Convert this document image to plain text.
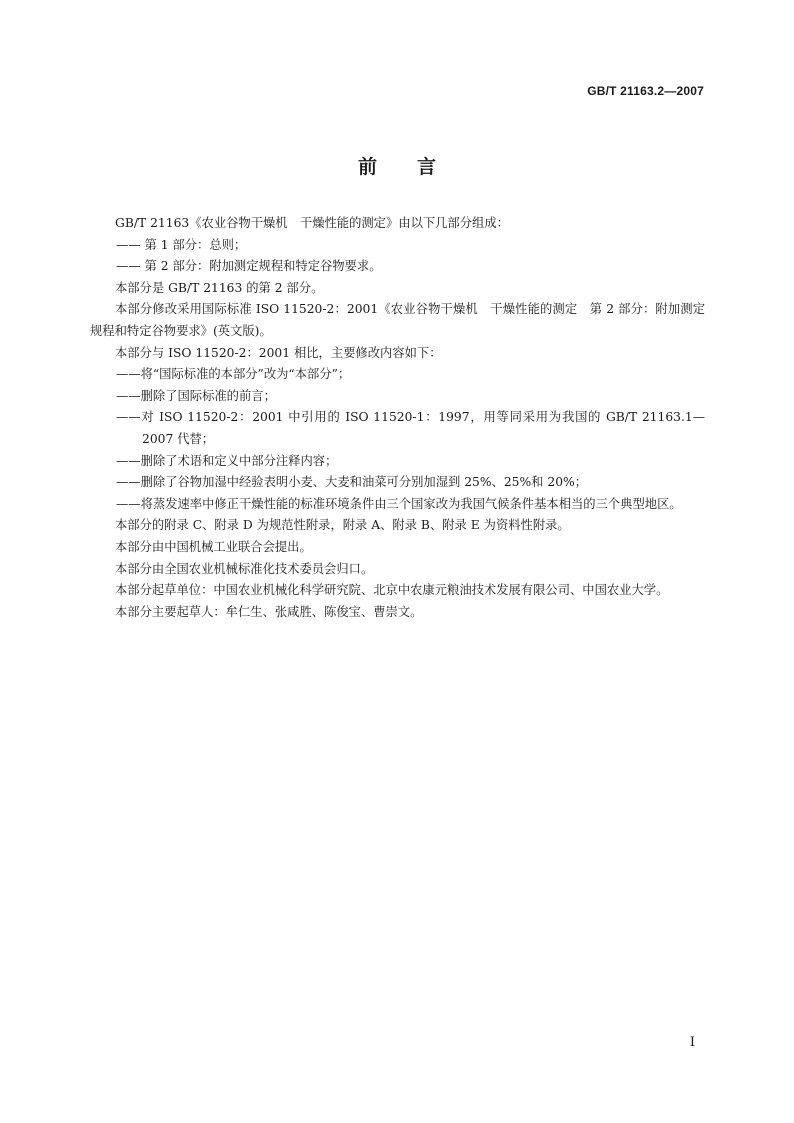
GB/T 21163.2—2007
前言

GB/T 21163《农业谷物干燥机　干燥性能的测定》由以下几部分组成：

—— 第 1 部分：总则；

—— 第 2 部分：附加测定规程和特定谷物要求。

本部分是 GB/T 21163 的第 2 部分。

本部分修改采用国际标准 ISO 11520-2：2001《农业谷物干燥机　干燥性能的测定　第 2 部分：附加测定规程和特定谷物要求》(英文版)。

本部分与 ISO 11520-2：2001 相比，主要修改内容如下：

——将“国际标准的本部分”改为“本部分”；

——删除了国际标准的前言；

——对 ISO 11520-2：2001 中引用的 ISO 11520-1：1997，用等同采用为我国的 GB/T 21163.1—2007 代替；

——删除了术语和定义中部分注释内容；

——删除了谷物加湿中经验表明小麦、大麦和油菜可分别加湿到 25%、25%和 20%；

——将蒸发速率中修正干燥性能的标准环境条件由三个国家改为我国气候条件基本相当的三个典型地区。

本部分的附录 C、附录 D 为规范性附录，附录 A、附录 B、附录 E 为资料性附录。

本部分由中国机械工业联合会提出。

本部分由全国农业机械标准化技术委员会归口。

本部分起草单位：中国农业机械化科学研究院、北京中农康元粮油技术发展有限公司、中国农业大学。

本部分主要起草人：牟仁生、张咸胜、陈俊宝、曹崇文。

I
